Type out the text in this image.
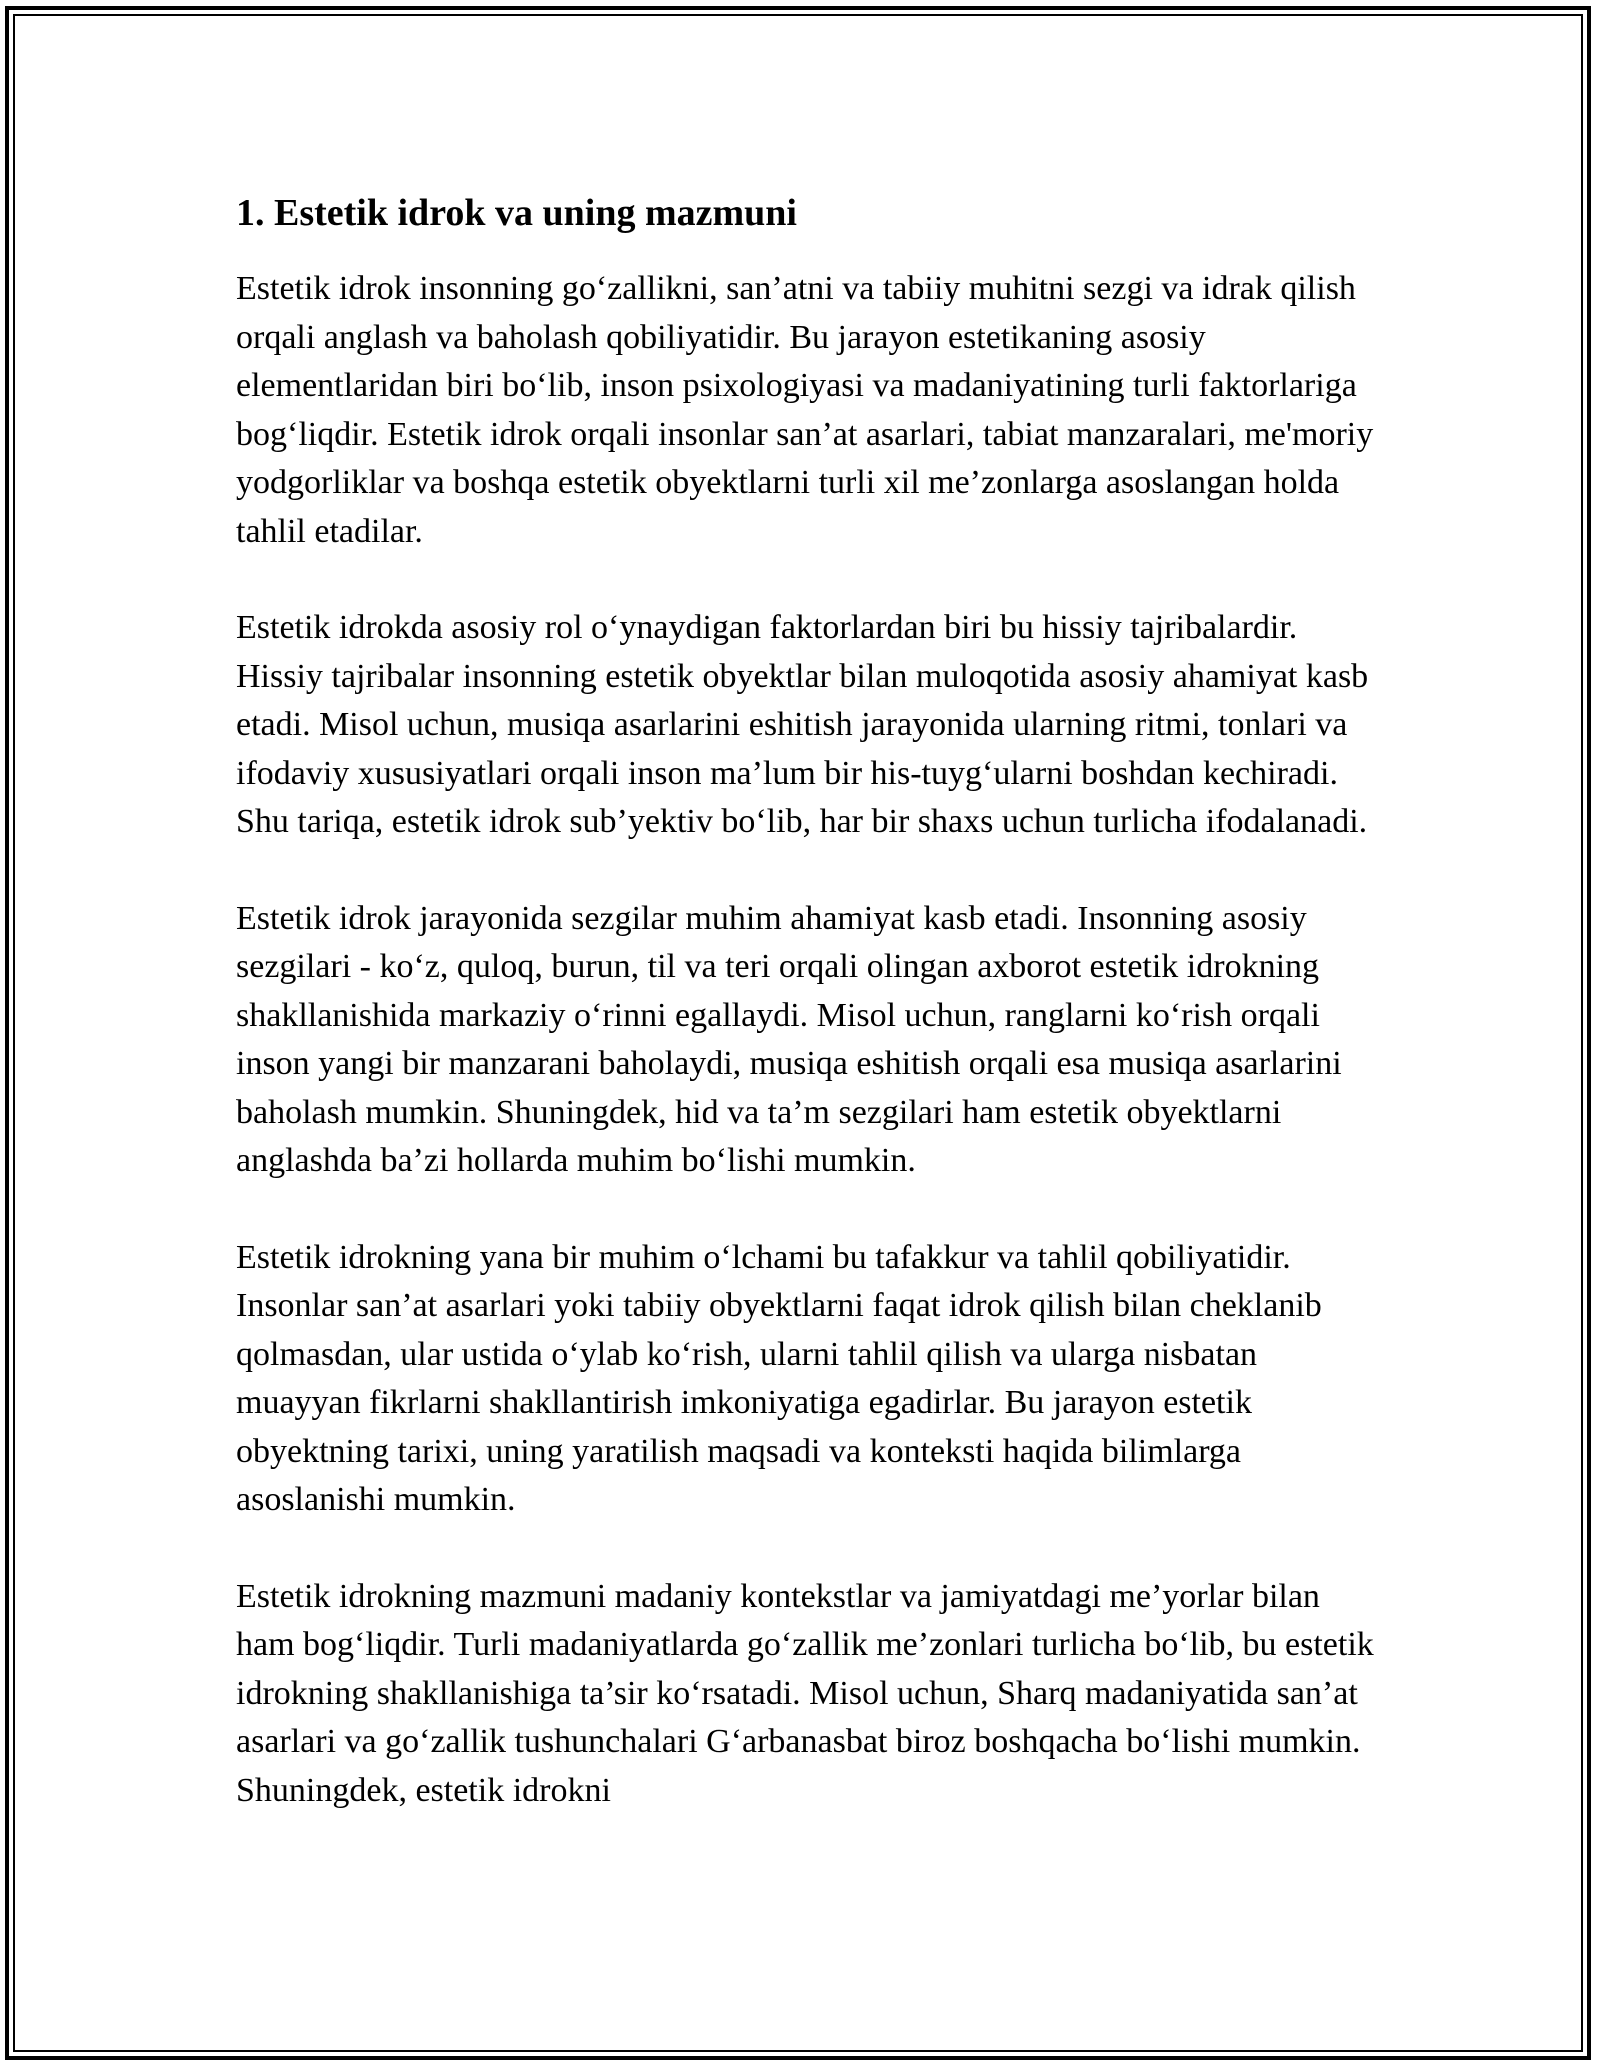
1. Estetik idrok va uning mazmuni

Estetik idrok insonning go‘zallikni, san’atni va tabiiy muhitni sezgi va idrak qilish orqali anglash va baholash qobiliyatidir. Bu jarayon estetikaning asosiy elementlaridan biri bo‘lib, inson psixologiyasi va madaniyatining turli faktorlariga bog‘liqdir. Estetik idrok orqali insonlar san’at asarlari, tabiat manzaralari, me'moriy yodgorliklar va boshqa estetik obyektlarni turli xil me’zonlarga asoslangan holda tahlil etadilar.

Estetik idrokda asosiy rol o‘ynaydigan faktorlardan biri bu hissiy tajribalardir. Hissiy tajribalar insonning estetik obyektlar bilan muloqotida asosiy ahamiyat kasb etadi. Misol uchun, musiqa asarlarini eshitish jarayonida ularning ritmi, tonlari va ifodaviy xususiyatlari orqali inson ma’lum bir his-tuyg‘ularni boshdan kechiradi. Shu tariqa, estetik idrok sub’yektiv bo‘lib, har bir shaxs uchun turlicha ifodalanadi.

Estetik idrok jarayonida sezgilar muhim ahamiyat kasb etadi. Insonning asosiy sezgilari - ko‘z, quloq, burun, til va teri orqali olingan axborot estetik idrokning shakllanishida markaziy o‘rinni egallaydi. Misol uchun, ranglarni ko‘rish orqali inson yangi bir manzarani baholaydi, musiqa eshitish orqali esa musiqa asarlarini baholash mumkin. Shuningdek, hid va ta’m sezgilari ham estetik obyektlarni anglashda ba’zi hollarda muhim bo‘lishi mumkin.

Estetik idrokning yana bir muhim o‘lchami bu tafakkur va tahlil qobiliyatidir. Insonlar san’at asarlari yoki tabiiy obyektlarni faqat idrok qilish bilan cheklanib qolmasdan, ular ustida o‘ylab ko‘rish, ularni tahlil qilish va ularga nisbatan muayyan fikrlarni shakllantirish imkoniyatiga egadirlar. Bu jarayon estetik obyektning tarixi, uning yaratilish maqsadi va konteksti haqida bilimlarga asoslanishi mumkin.

Estetik idrokning mazmuni madaniy kontekstlar va jamiyatdagi me’yorlar bilan ham bog‘liqdir. Turli madaniyatlarda go‘zallik me’zonlari turlicha bo‘lib, bu estetik idrokning shakllanishiga ta’sir ko‘rsatadi. Misol uchun, Sharq madaniyatida san’at asarlari va go‘zallik tushunchalari G‘arbanasbat biroz boshqacha bo‘lishi mumkin. Shuningdek, estetik idrokni
